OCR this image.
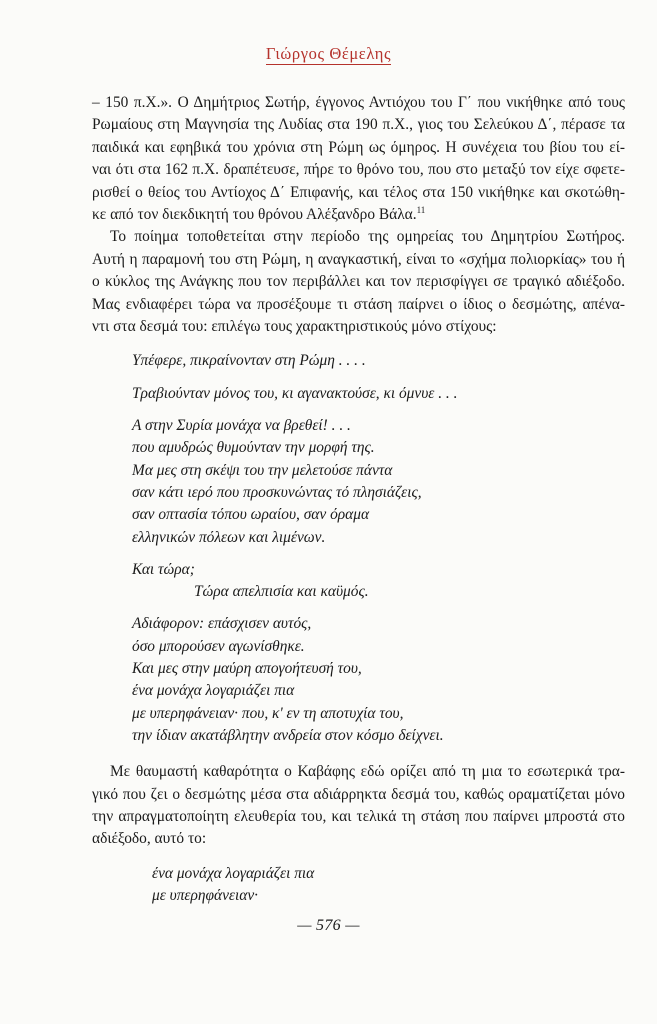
Γιώργος Θέμελης

– 150 π.Χ.». Ο Δημήτριος Σωτήρ, έγγονος Αντιόχου του Γ΄ που νικήθηκε από τους
Ρωμαίους στη Μαγνησία της Λυδίας στα 190 π.Χ., γιος του Σελεύκου Δ΄, πέρασε τα
παιδικά και εφηβικά του χρόνια στη Ρώμη ως όμηρος. Η συνέχεια του βίου του εί-
ναι ότι στα 162 π.Χ. δραπέτευσε, πήρε το θρόνο του, που στο μεταξύ τον είχε σφετε-
ρισθεί ο θείος του Αντίοχος Δ΄ Επιφανής, και τέλος στα 150 νικήθηκε και σκοτώθη-
κε από τον διεκδικητή του θρόνου Αλέξανδρο Βάλα.$^{11}$

Το ποίημα τοποθετείται στην περίοδο της ομηρείας του Δημητρίου Σωτήρος.
Αυτή η παραμονή του στη Ρώμη, η αναγκαστική, είναι το «σχήμα πολιορκίας» του ή
ο κύκλος της Ανάγκης που τον περιβάλλει και τον περισφίγγει σε τραγικό αδιέξοδο.
Μας ενδιαφέρει τώρα να προσέξουμε τι στάση παίρνει ο ίδιος ο δεσμώτης, απένα-
ντι στα δεσμά του: επιλέγω τους χαρακτηριστικούς μόνο στίχους:

Υπέφερε, πικραίνονταν στη Ρώμη . . . .
Τραβιούνταν μόνος του, κι αγανακτούσε, κι όμνυε . . .
Α στην Συρία μονάχα να βρεθεί! . . .
που αμυδρώς θυμούνταν την μορφή της.
Μα μες στη σκέψι του την μελετούσε πάντα
σαν κάτι ιερό που προσκυνώντας τό πλησιάζεις,
σαν οπτασία τόπου ωραίου, σαν όραμα
ελληνικών πόλεων και λιμένων.
Και τώρα;
Τώρα απελπισία και καϋμός.
Αδιάφορον: επάσχισεν αυτός,
όσο μπορούσεν αγωνίσθηκε.
Και μες στην μαύρη απογοήτευσή του,
ένα μονάχα λογαριάζει πια
με υπερηφάνειαν· που, κ' εν τη αποτυχία του,
την ίδιαν ακατάβλητην ανδρεία στον κόσμο δείχνει.

Με θαυμαστή καθαρότητα ο Καβάφης εδώ ορίζει από τη μια το εσωτερικά τρα-
γικό που ζει ο δεσμώτης μέσα στα αδιάρρηκτα δεσμά του, καθώς οραματίζεται μόνο
την απραγματοποίητη ελευθερία του, και τελικά τη στάση που παίρνει μπροστά στο
αδιέξοδο, αυτό το:

ένα μονάχα λογαριάζει πια
με υπερηφάνειαν·
— 576 —
